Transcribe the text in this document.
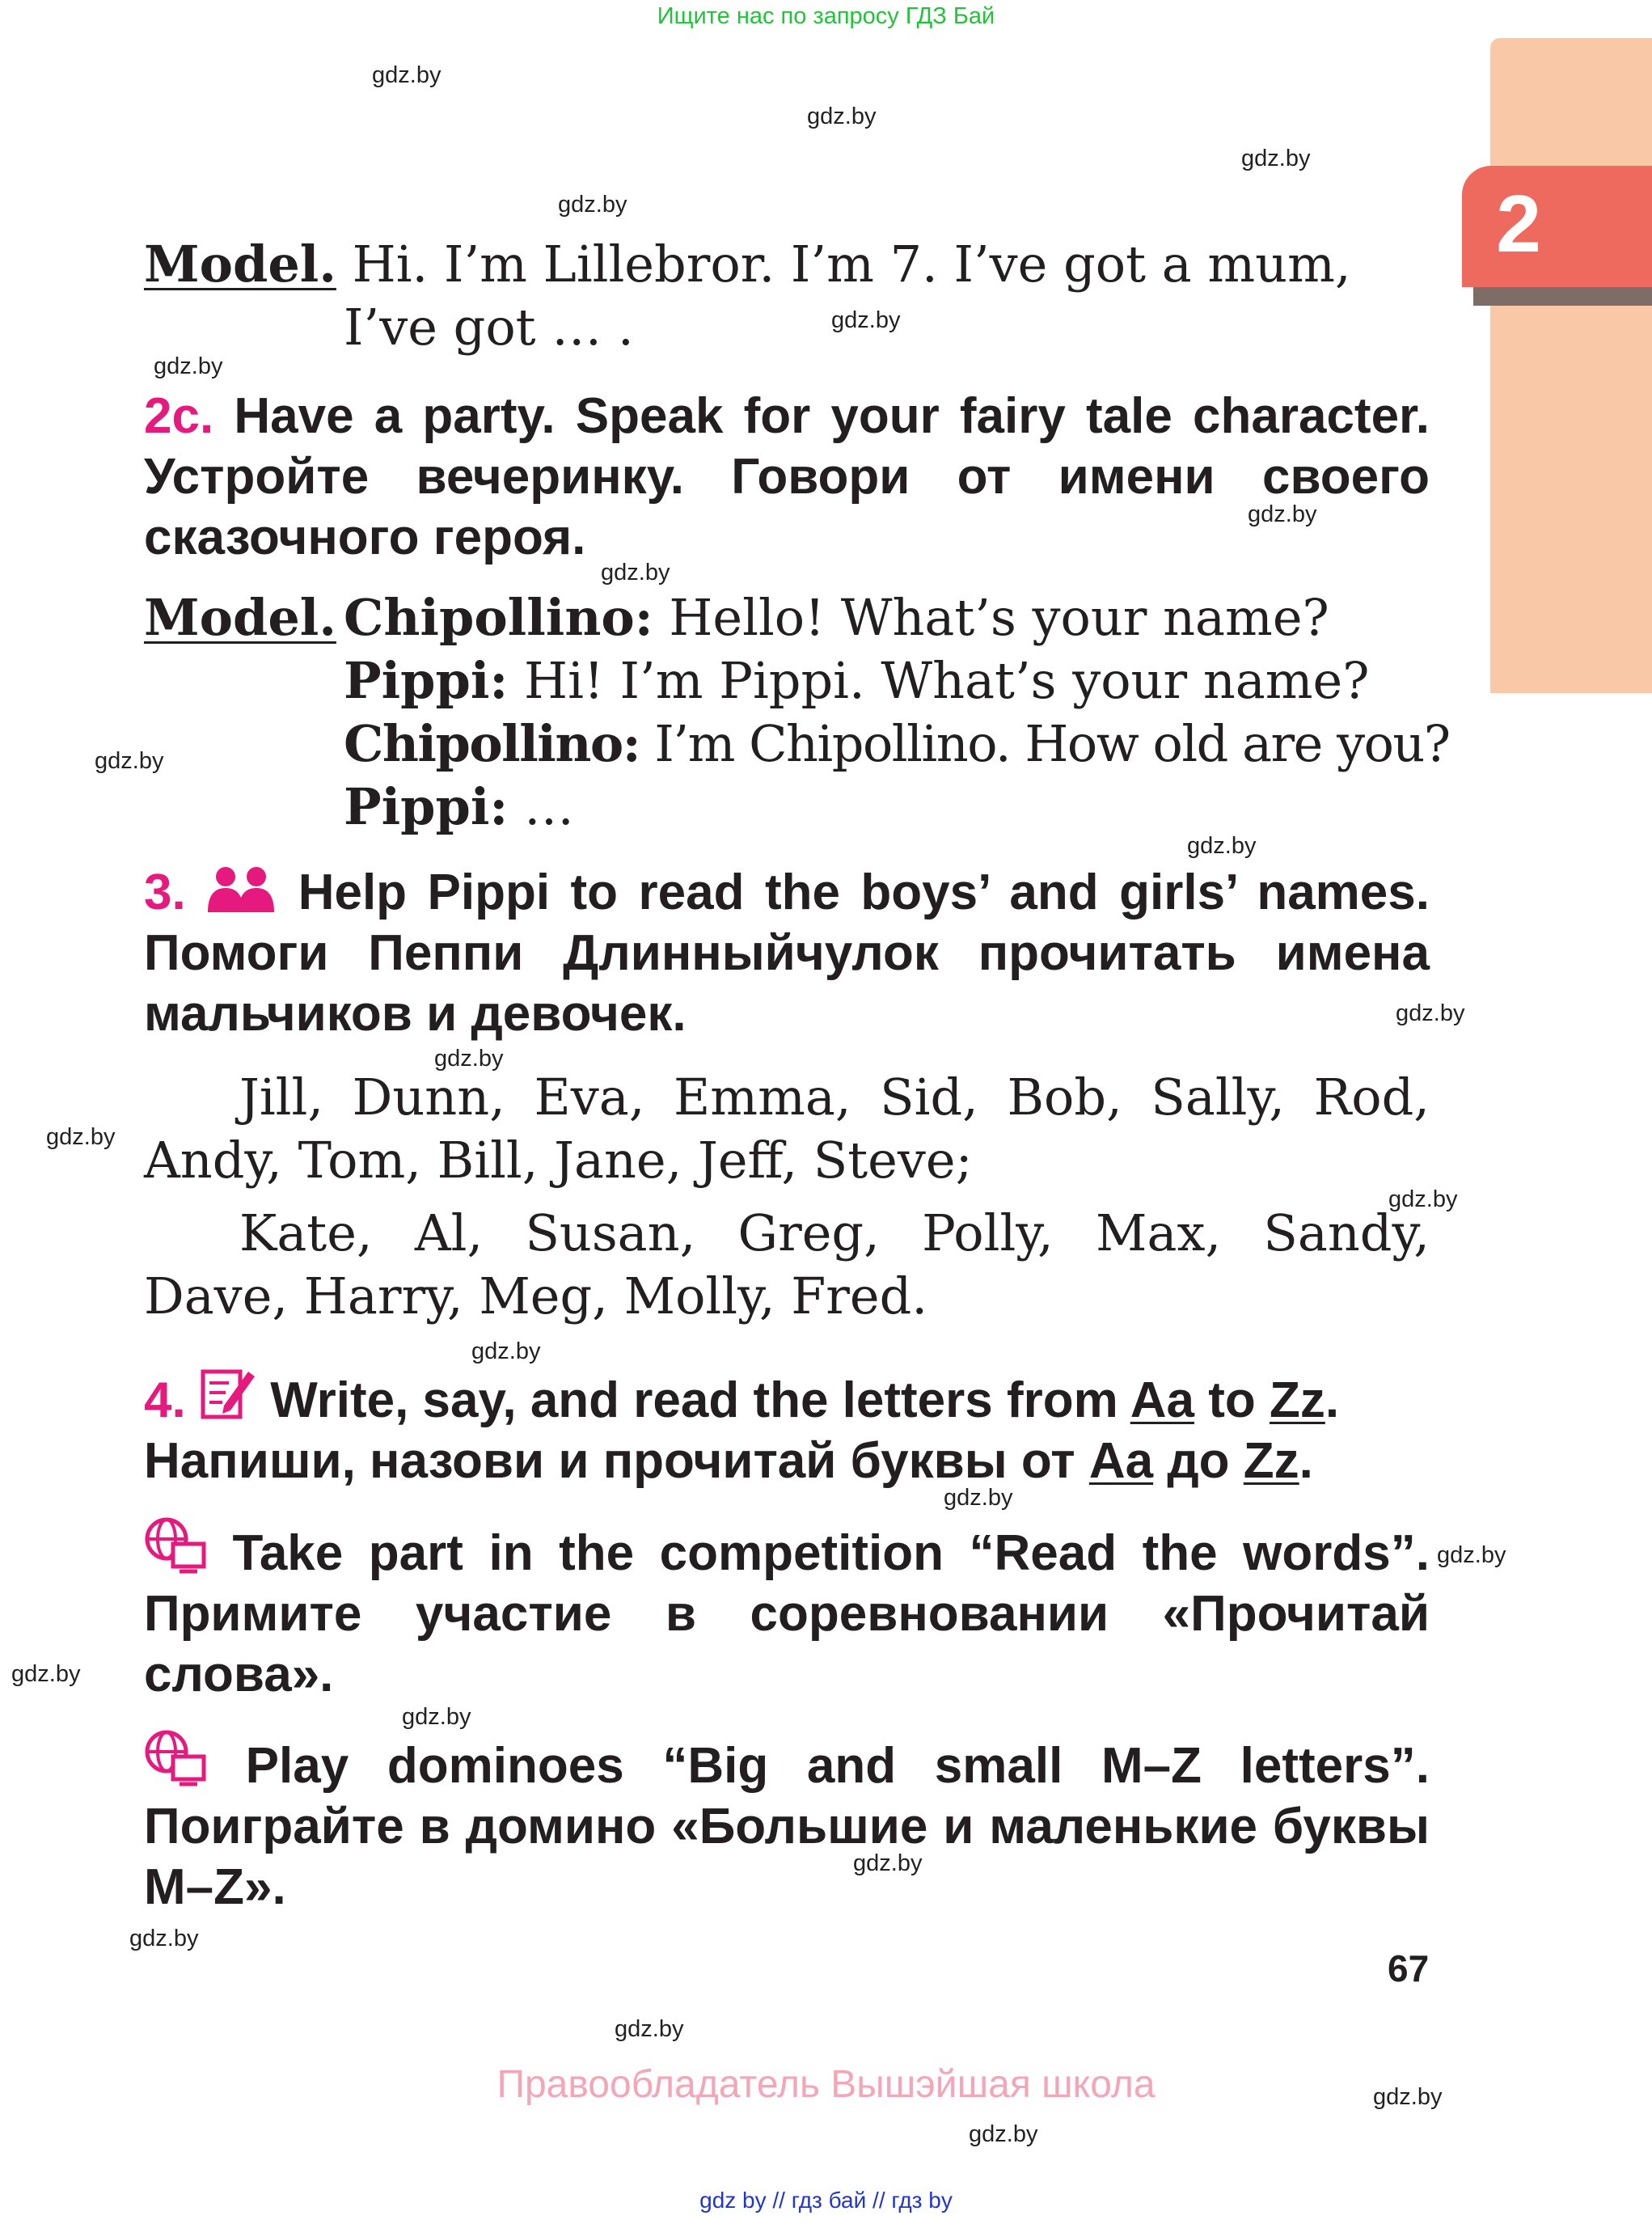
Ищите нас по запросу ГДЗ Бай
2
gdz.by
gdz.by
gdz.by
gdz.by
gdz.by
gdz.by
gdz.by
gdz.by
gdz.by
gdz.by
gdz.by
gdz.by
gdz.by
gdz.by
gdz.by
gdz.by
gdz.by
gdz.by
gdz.by
gdz.by
gdz.by
gdz.by
gdz.by
gdz.by
Model. Hi. I’m Lillebror. I’m 7. I’ve got a mum,
I’ve got … .
2c. Have a party. Speak for your fairy tale character. Устройте вечеринку. Говори от имени своего сказочного героя.
Model. Chipollino: Hello! What’s your name?
Pippi: Hi! I’m Pippi. What’s your name?
Chipollino: I’m Chipollino. How old are you?
Pippi: …
3. Help Pippi to read the boys’ and girls’ names. Помоги Пеппи Длинныйчулок прочитать имена мальчиков и девочек.
Jill, Dunn, Eva, Emma, Sid, Bob, Sally, Rod,
Andy, Tom, Bill, Jane, Jeff, Steve;
Kate, Al, Susan, Greg, Polly, Max, Sandy,
Dave, Harry, Meg, Molly, Fred.
4. Write, say, and read the letters from Aa to Zz.
Напиши, назови и прочитай буквы от Aa до Zz.
Take part in the competition “Read the words”. Примите участие в соревновании «Прочитай слова».
Play dominoes “Big and small M–Z letters”. Поиграйте в домино «Большие и маленькие буквы M–Z».
67
Правообладатель Вышэйшая школа
gdz by // гдз бай // гдз by
